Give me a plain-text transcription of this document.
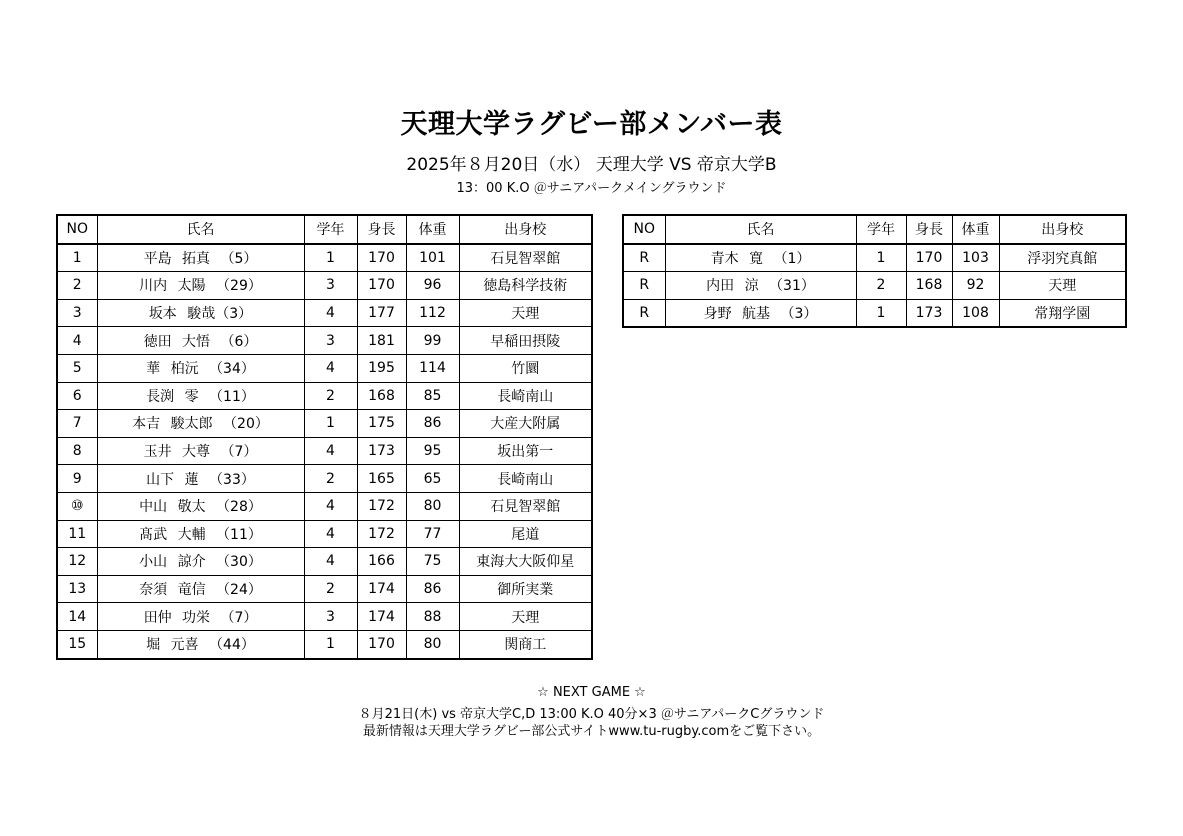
天理大学ラグビー部メンバー表
2025年８月20日（水） 天理大学 VS 帝京大学B
13：00 K.O ＠サニアパークメイングラウンド
NO	氏名	学年	身長	体重	出身校
1	平島 拓真 （5）	1	170	101	石見智翠館
2	川内 太陽 （29）	3	170	96	徳島科学技術
3	坂本 駿哉（3）	4	177	112	天理
4	徳田 大悟 （6）	3	181	99	早稲田摂陵
5	華 柏沅 （34）	4	195	114	竹圜
6	長渕 零 （11）	2	168	85	長崎南山
7	本吉 駿太郎 （20）	1	175	86	大産大附属
8	玉井 大尊 （7）	4	173	95	坂出第一
9	山下 蓮 （33）	2	165	65	長崎南山
⑩	中山 敬太 （28）	4	172	80	石見智翠館
11	髙武 大輔 （11）	4	172	77	尾道
12	小山 諒介 （30）	4	166	75	東海大大阪仰星
13	奈須 竜信 （24）	2	174	86	御所実業
14	田仲 功栄 （7）	3	174	88	天理
15	堀 元喜 （44）	1	170	80	関商工
NO	氏名	学年	身長	体重	出身校
R	青木 寛 （1）	1	170	103	浮羽究真館
R	内田 涼 （31）	2	168	92	天理
R	身野 航基 （3）	1	173	108	常翔学園
☆ NEXT GAME ☆
８月21日(木) vs 帝京大学C,D 13:00 K.O 40分×3 ＠サニアパークCグラウンド
最新情報は天理大学ラグビー部公式サイトwww.tu-rugby.comをご覧下さい。
